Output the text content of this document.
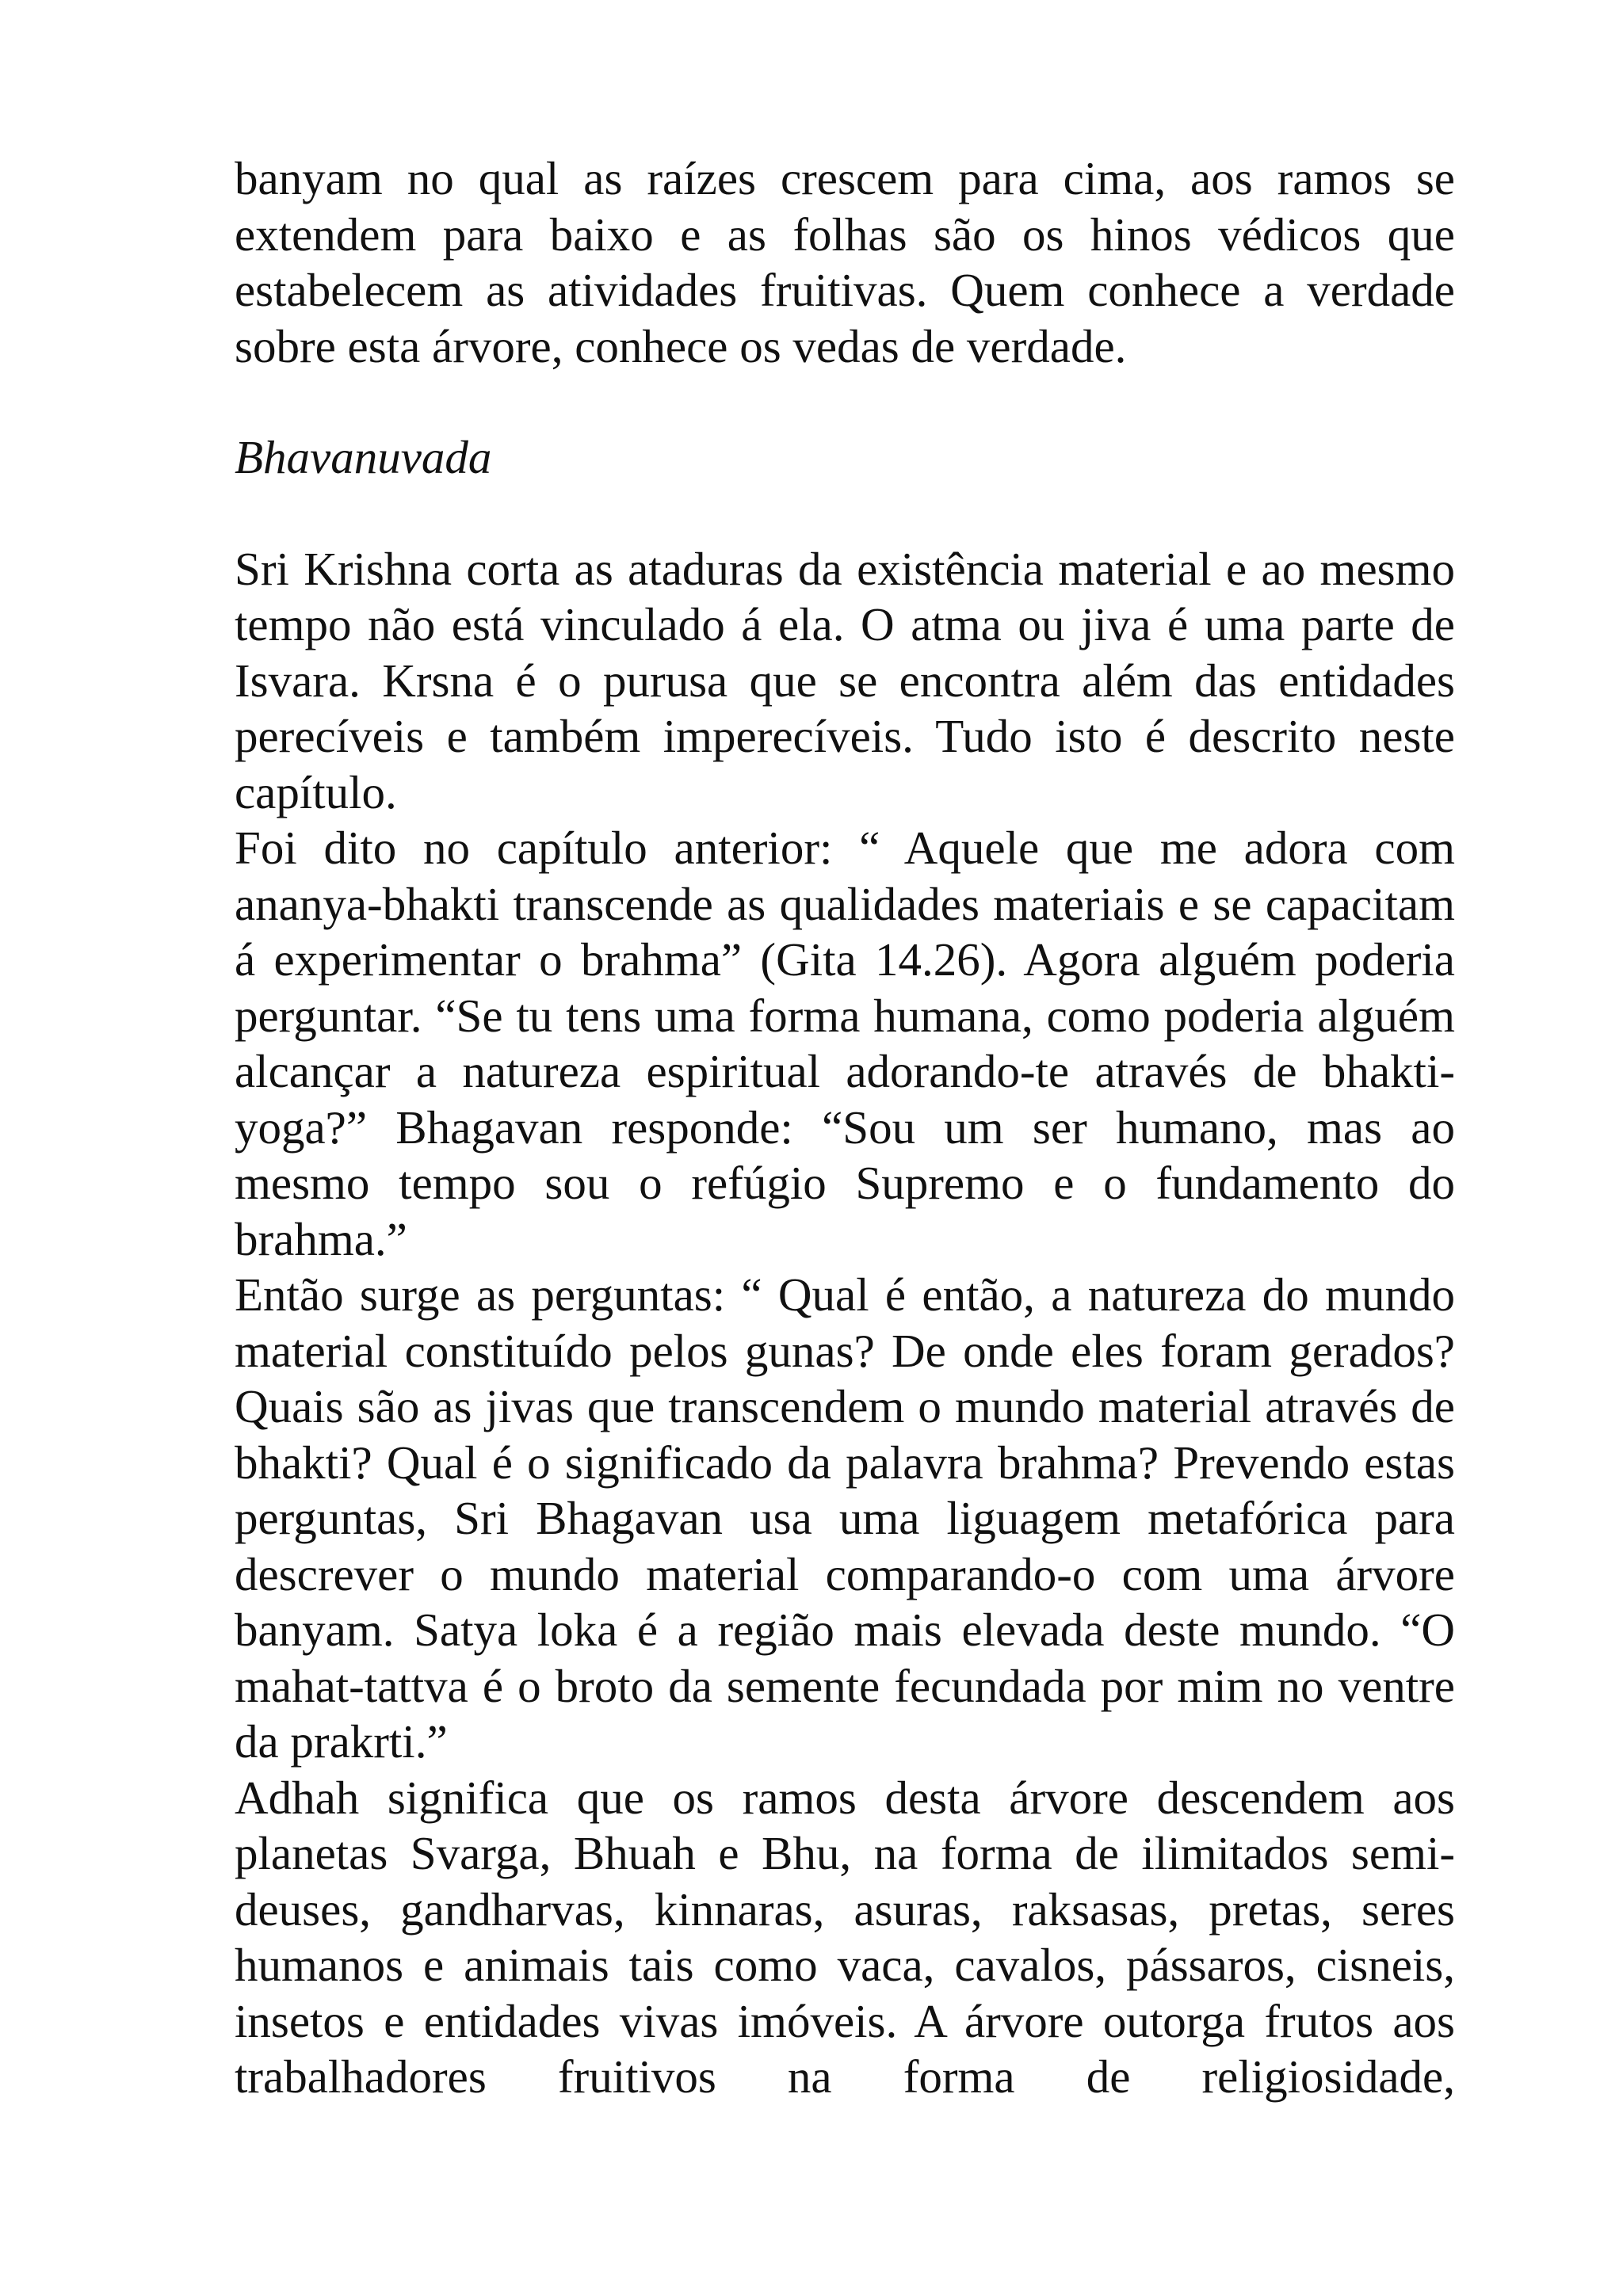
banyam no qual as raízes crescem para cima, aos ramos se extendem para baixo e as folhas são os hinos védicos que estabelecem as atividades fruitivas. Quem conhece a verdade sobre esta árvore, conhece os vedas de verdade.

Bhavanuvada

Sri Krishna corta as ataduras da existência material e ao mesmo tempo não está vinculado á ela. O atma ou jiva é uma parte de Isvara. Krsna é o purusa que se encontra além das entidades perecíveis e também imperecíveis. Tudo isto é descrito neste capítulo.

Foi dito no capítulo anterior: “ Aquele que me adora com ananya-bhakti transcende as qualidades materiais e se capacitam á experimentar o brahma” (Gita 14.26). Agora alguém poderia perguntar. “Se tu tens uma forma humana, como poderia alguém alcançar a natureza espiritual adorando-te através de bhakti-yoga?” Bhagavan responde: “Sou um ser humano, mas ao mesmo tempo sou o refúgio Supremo e o fundamento do brahma.”

Então surge as perguntas: “ Qual é então, a natureza do mundo material constituído pelos gunas? De onde eles foram gerados? Quais são as jivas que transcendem o mundo material através de bhakti? Qual é o significado da palavra brahma? Prevendo estas perguntas, Sri Bhagavan usa uma liguagem metafórica para descrever o mundo material comparando-o com uma árvore banyam. Satya loka é a região mais elevada deste mundo. “O mahat-tattva é o broto da semente fecundada por mim no ventre da prakrti.”

Adhah significa que os ramos desta árvore descendem aos planetas Svarga, Bhuah e Bhu, na forma de ilimitados semi-deuses, gandharvas, kinnaras, asuras, raksasas, pretas, seres humanos e animais tais como vaca, cavalos, pássaros, cisneis, insetos e entidades vivas imóveis. A árvore outorga frutos aos trabalhadores fruitivos na forma de religiosidade,
